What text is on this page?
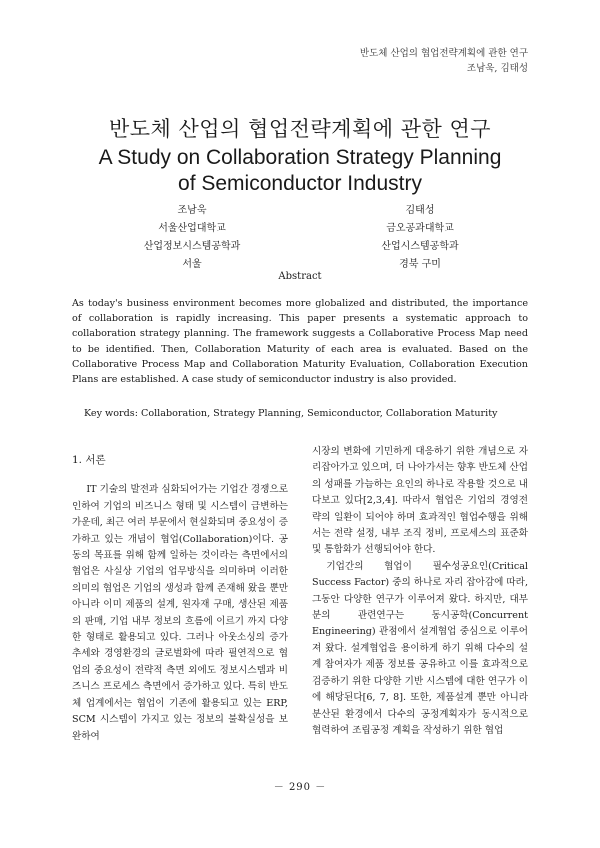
반도체 산업의 협업전략계획에 관한 연구
조남욱, 김태성
반도체 산업의 협업전략계획에 관한 연구
A Study on Collaboration Strategy Planning
of Semiconductor Industry
조남욱
서울산업대학교
산업정보시스템공학과
서울
김태성
금오공과대학교
산업시스템공학과
경북 구미
Abstract

As today's business environment becomes more globalized and distributed, the importance of collaboration is rapidly increasing. This paper presents a systematic approach to collaboration strategy planning. The framework suggests a Collaborative Process Map need to be identified. Then, Collaboration Maturity of each area is evaluated. Based on the Collaborative Process Map and Collaboration Maturity Evaluation, Collaboration Execution Plans are established. A case study of semiconductor industry is also provided.

Key words: Collaboration, Strategy Planning, Semiconductor, Collaboration Maturity
1. 서론

IT 기술의 발전과 심화되어가는 기업간 경쟁으로 인하여 기업의 비즈니스 형태 및 시스템이 급변하는 가운데, 최근 여러 부문에서 현실화되며 중요성이 증가하고 있는 개념이 협업(Collaboration)이다. 공동의 목표를 위해 함께 일하는 것이라는 측면에서의 협업은 사실상 기업의 업무방식을 의미하며 이러한 의미의 협업은 기업의 생성과 함께 존재해 왔을 뿐만 아니라 이미 제품의 설계, 원자재 구매, 생산된 제품의 판매, 기업 내부 정보의 흐름에 이르기 까지 다양한 형태로 활용되고 있다. 그러나 아웃소싱의 증가 추세와 경영환경의 글로벌화에 따라 필연적으로 협업의 중요성이 전략적 측면 외에도 정보시스템과 비즈니스 프로세스 측면에서 증가하고 있다. 특히 반도체 업계에서는 협업이 기존에 활용되고 있는 ERP, SCM 시스템이 가지고 있는 정보의 불확실성을 보완하여

시장의 변화에 기민하게 대응하기 위한 개념으로 자리잡아가고 있으며, 더 나아가서는 향후 반도체 산업의 성패를 가늠하는 요인의 하나로 작용할 것으로 내다보고 있다[2,3,4]. 따라서 협업은 기업의 경영전략의 일환이 되어야 하며 효과적인 협업수행을 위해서는 전략 설정, 내부 조직 정비, 프로세스의 표준화 및 통합화가 선행되어야 한다.

기업간의 협업이 필수성공요인(Critical Success Factor) 중의 하나로 자리 잡아감에 따라, 그동안 다양한 연구가 이루어져 왔다. 하지만, 대부분의 관련연구는 동시공학(Concurrent Engineering) 관점에서 설계협업 중심으로 이루어져 왔다. 설계협업을 용이하게 하기 위해 다수의 설계 참여자가 제품 정보를 공유하고 이를 효과적으로 검증하기 위한 다양한 기반 시스템에 대한 연구가 이에 해당된다[6, 7, 8]. 또한, 제품설계 뿐만 아니라 분산된 환경에서 다수의 공정계획자가 동시적으로 협력하여 조립공정 계획을 작성하기 위한 협업

－ 290 －
